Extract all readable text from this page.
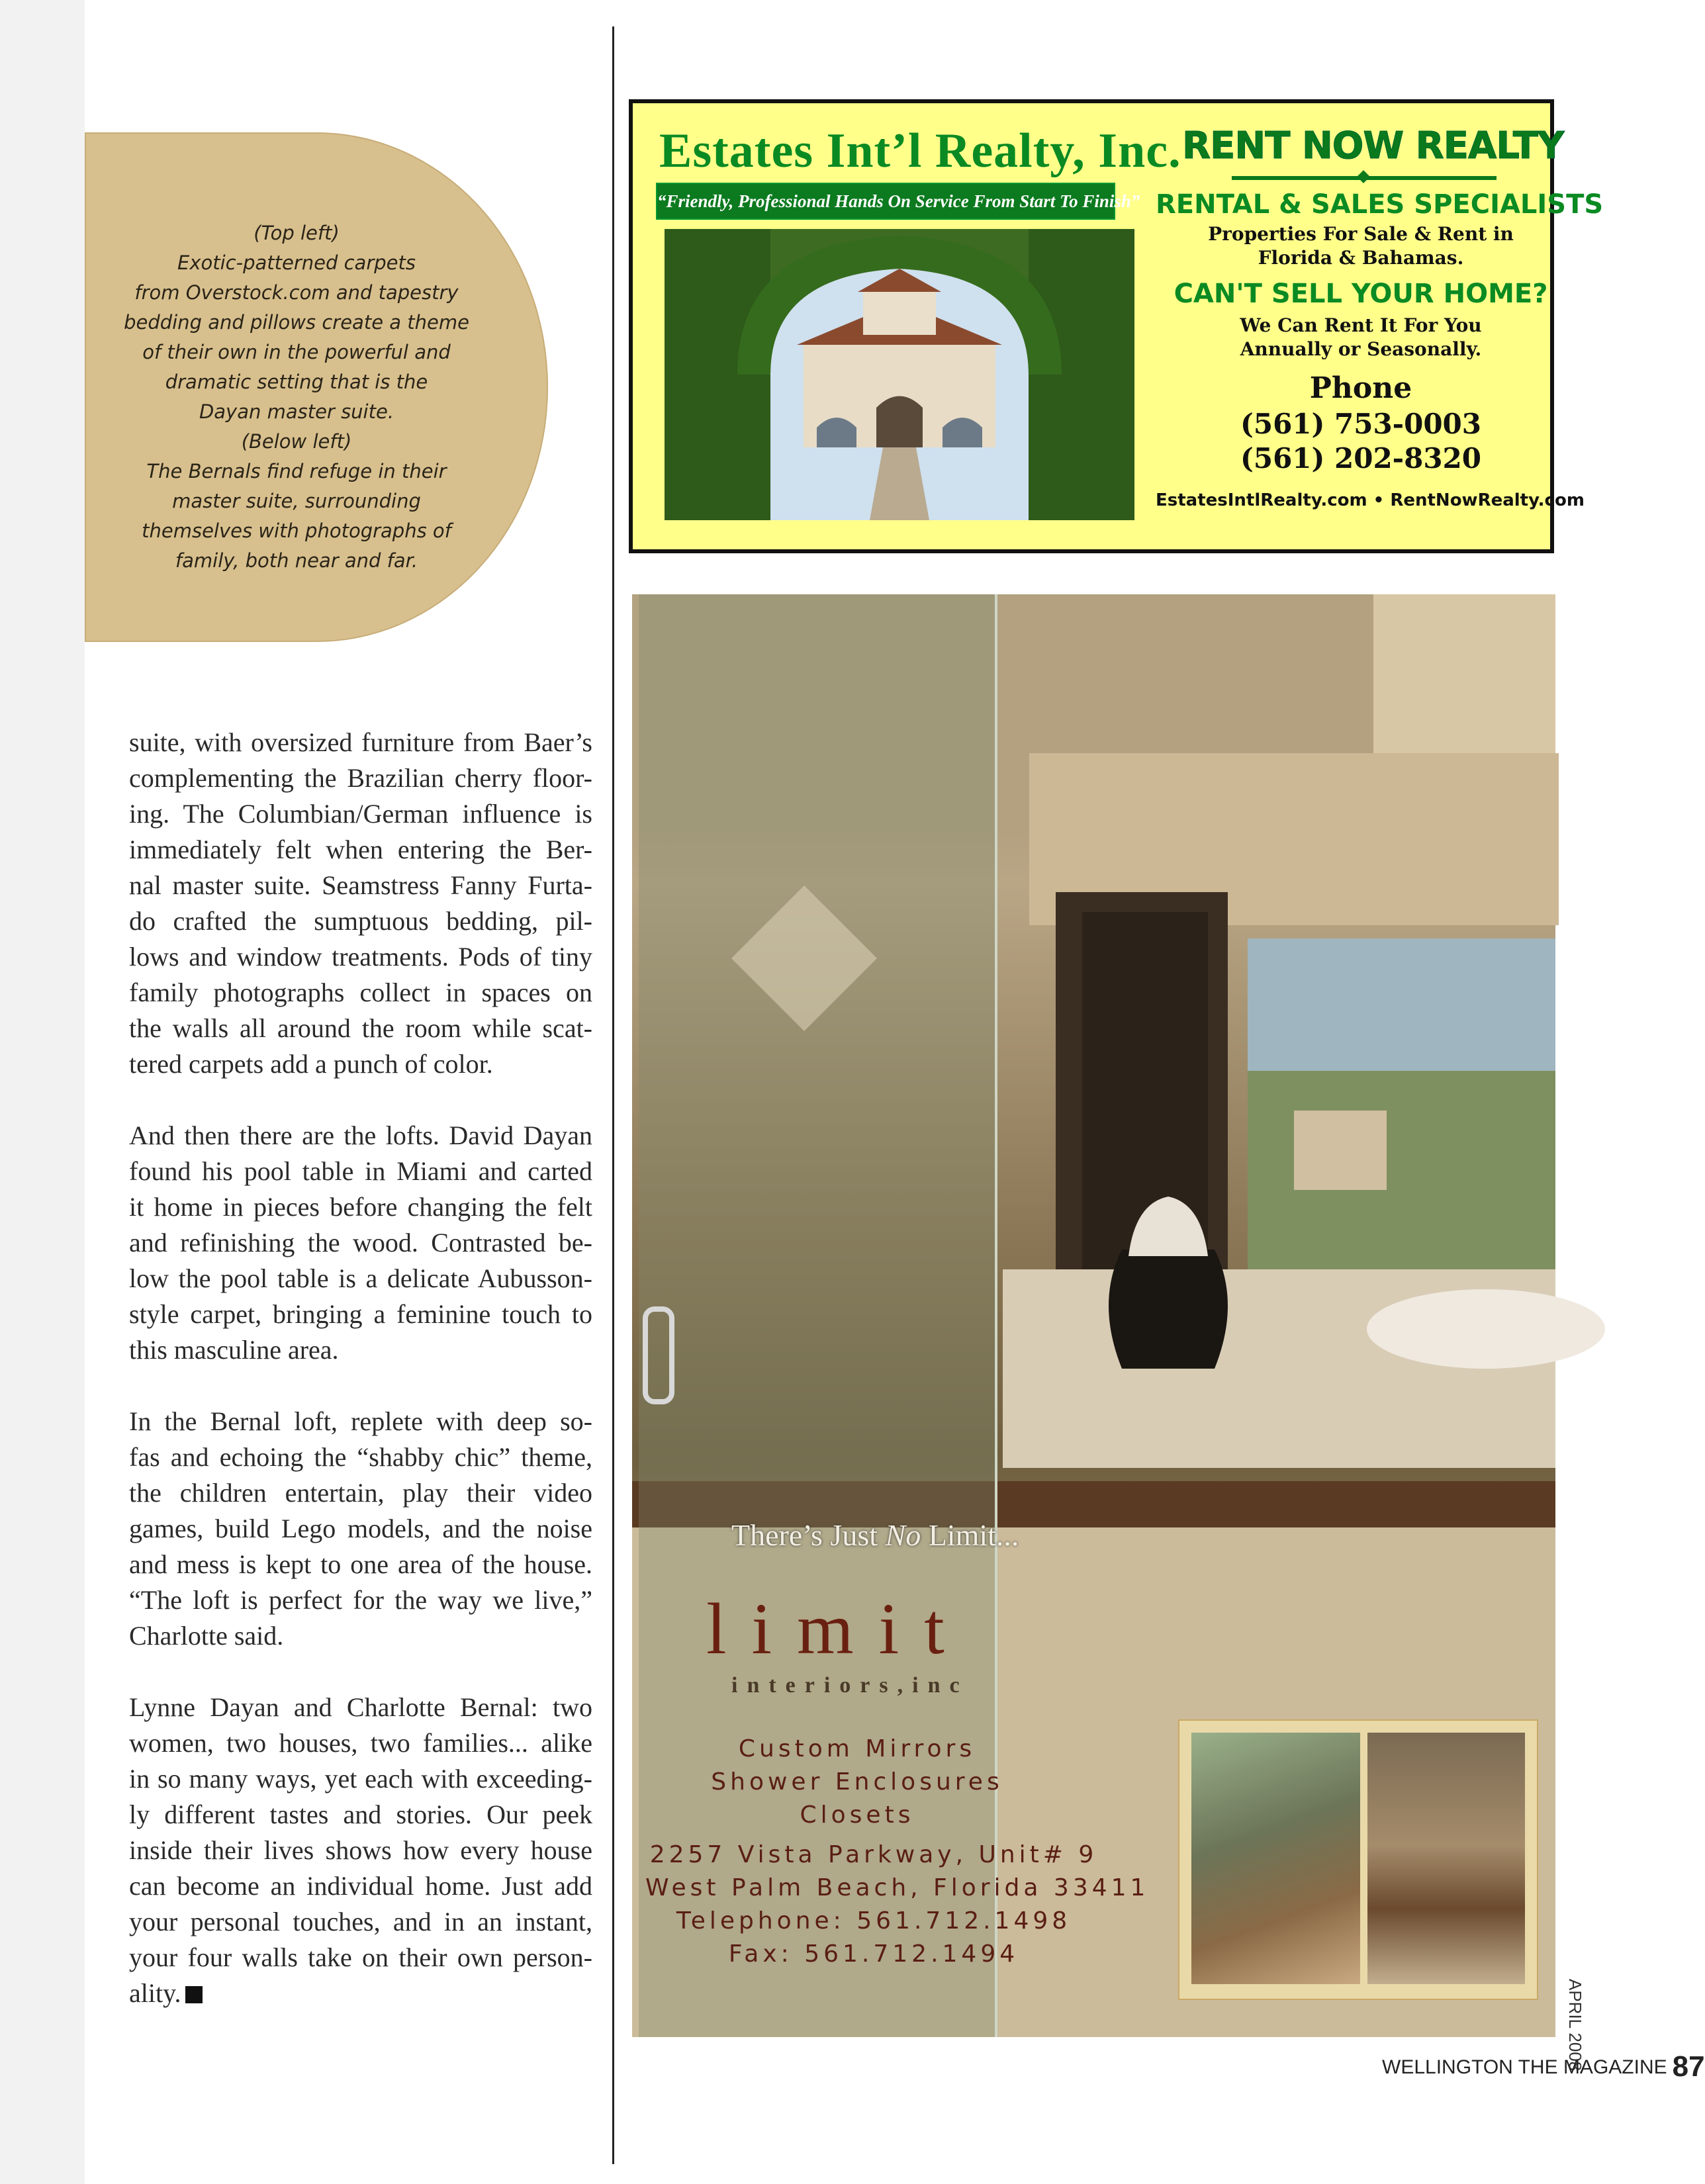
(Top left)
Exotic-patterned carpets
from Overstock.com and tapestry
bedding and pillows create a theme
of their own in the powerful and
dramatic setting that is the
Dayan master suite.
(Below left)
The Bernals find refuge in their
master suite, surrounding
themselves with photographs of
family, both near and far.

suite, with oversized furniture from Baer’s
complementing the Brazilian cherry floor-
ing. The Columbian/German influence is
immediately felt when entering the Ber-
nal master suite. Seamstress Fanny Furta-
do crafted the sumptuous bedding, pil-
lows and window treatments. Pods of tiny
family photographs collect in spaces on
the walls all around the room while scat-
tered carpets add a punch of color.

And then there are the lofts. David Dayan
found his pool table in Miami and carted
it home in pieces before changing the felt
and refinishing the wood. Contrasted be-
low the pool table is a delicate Aubusson-
style carpet, bringing a feminine touch to
this masculine area.

In the Bernal loft, replete with deep so-
fas and echoing the “shabby chic” theme,
the children entertain, play their video
games, build Lego models, and the noise
and mess is kept to one area of the house.
“The loft is perfect for the way we live,”
Charlotte said.

Lynne Dayan and Charlotte Bernal: two
women, two houses, two families... alike
in so many ways, yet each with exceeding-
ly different tastes and stories. Our peek
inside their lives shows how every house
can become an individual home. Just add
your personal touches, and in an instant,
your four walls take on their own person-
ality.

Estates Int’l Realty, Inc.
“Friendly, Professional Hands On Service From Start To Finish”
RENT NOW REALTY
RENTAL & SALES SPECIALISTS
Properties For Sale & Rent in
Florida & Bahamas.
CAN'T SELL YOUR HOME?
We Can Rent It For You
Annually or Seasonally.
Phone
(561) 753-0003
(561) 202-8320
EstatesIntlRealty.com • RentNowRealty.com
There’s Just No Limit...
limit
interiors,inc
Custom Mirrors
Shower Enclosures
Closets
2257 Vista Parkway, Unit# 9
West Palm Beach, Florida 33411
Telephone: 561.712.1498
Fax: 561.712.1494
APRIL 2008
WELLINGTON THE MAGAZINE 87
